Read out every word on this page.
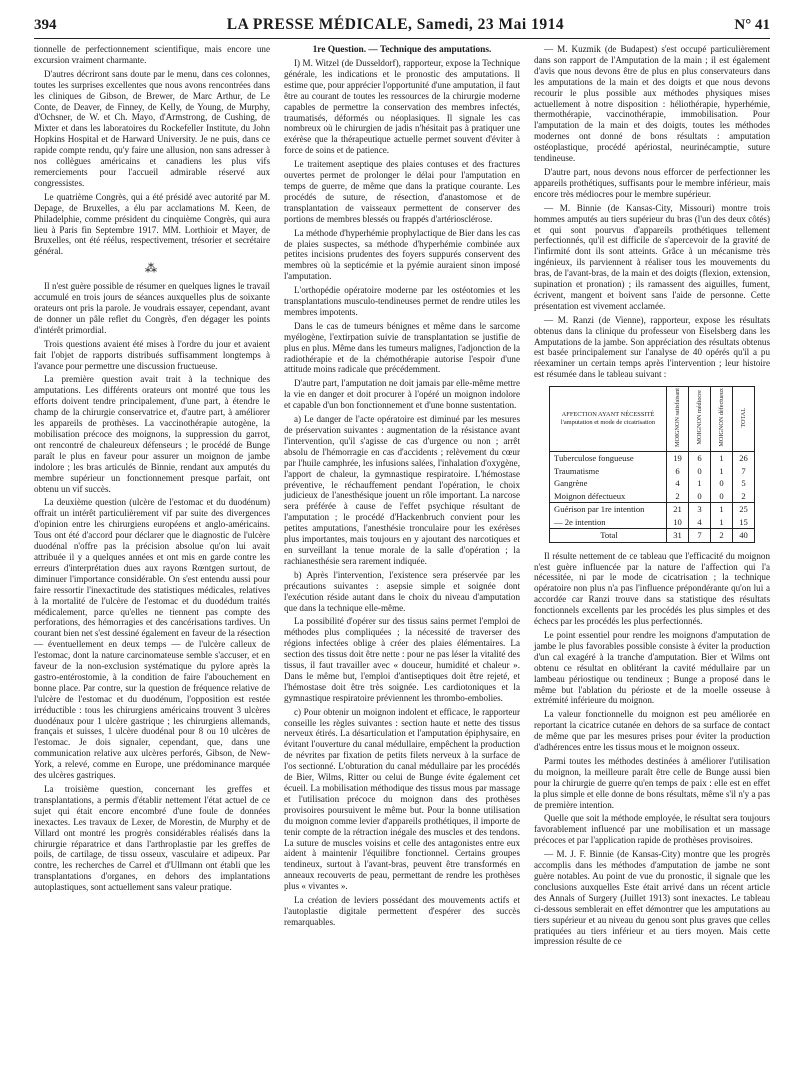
394	LA PRESSE MÉDICALE, Samedi, 23 Mai 1914	N° 41

tionnelle de perfectionnement scientifique, mais encore une excursion vraiment charmante.

D'autres décriront sans doute par le menu, dans ces colonnes, toutes les surprises excellentes que nous avons rencontrées dans les cliniques de Gibson, de Brewer, de Marc Arthur, de Le Conte, de Deaver, de Finney, de Kelly, de Young, de Murphy, d'Ochsner, de W. et Ch. Mayo, d'Armstrong, de Cushing, de Mixter et dans les laboratoires du Rockefeller Institute, du John Hopkins Hospital et de Harward University. Je ne puis, dans ce rapide compte rendu, qu'y faire une allusion, non sans adresser à nos collègues américains et canadiens les plus vifs remerciements pour l'accueil admirable réservé aux congressistes.

Le quatrième Congrès, qui a été présidé avec autorité par M. Depage, de Bruxelles, a élu par acclamations M. Keen, de Philadelphie, comme président du cinquième Congrès, qui aura lieu à Paris fin Septembre 1917. MM. Lorthioir et Mayer, de Bruxelles, ont été réélus, respectivement, trésorier et secrétaire général.

⁂

Il n'est guère possible de résumer en quelques lignes le travail accumulé en trois jours de séances auxquelles plus de soixante orateurs ont pris la parole. Je voudrais essayer, cependant, avant de donner un pâle reflet du Congrès, d'en dégager les points d'intérêt primordial.

Trois questions avaient été mises à l'ordre du jour et avaient fait l'objet de rapports distribués suffisamment longtemps à l'avance pour permettre une discussion fructueuse.

La première question avait trait à la technique des amputations. Les différents orateurs ont montré que tous les efforts doivent tendre principalement, d'une part, à étendre le champ de la chirurgie conservatrice et, d'autre part, à améliorer les appareils de prothèses. La vaccinothérapie autogène, la mobilisation précoce des moignons, la suppression du garrot, ont rencontré de chaleureux défenseurs ; le procédé de Bunge paraît le plus en faveur pour assurer un moignon de jambe indolore ; les bras articulés de Binnie, rendant aux amputés du membre supérieur un fonctionnement presque parfait, ont obtenu un vif succès.

La deuxième question (ulcère de l'estomac et du duodénum) offrait un intérêt particulièrement vif par suite des divergences d'opinion entre les chirurgiens européens et anglo-américains. Tous ont été d'accord pour déclarer que le diagnostic de l'ulcère duodénal n'offre pas la précision absolue qu'on lui avait attribuée il y a quelques années et ont mis en garde contre les erreurs d'interprétation dues aux rayons Rœntgen surtout, de diminuer l'importance considérable. On s'est entendu aussi pour faire ressortir l'inexactitude des statistiques médicales, relatives à la mortalité de l'ulcère de l'estomac et du duodédum traités médicalement, parce qu'elles ne tiennent pas compte des perforations, des hémorragies et des cancérisations tardives. Un courant bien net s'est dessiné également en faveur de la résection — éventuellement en deux temps — de l'ulcère calleux de l'estomac, dont la nature carcinomateuse semble s'accuser, et en faveur de la non-exclusion systématique du pylore après la gastro-entérostomie, à la condition de faire l'abouchement en bonne place. Par contre, sur la question de fréquence relative de l'ulcère de l'estomac et du duodénum, l'opposition est restée irréductible : tous les chirurgiens américains trouvent 3 ulcères duodénaux pour 1 ulcère gastrique ; les chirurgiens allemands, français et suisses, 1 ulcère duodénal pour 8 ou 10 ulcères de l'estomac. Je dois signaler, cependant, que, dans une communication relative aux ulcères perforés, Gibson, de New-York, a relevé, comme en Europe, une prédominance marquée des ulcères gastriques.

La troisième question, concernant les greffes et transplantations, a permis d'établir nettement l'état actuel de ce sujet qui était encore encombré d'une foule de données inexactes. Les travaux de Lexer, de Morestin, de Murphy et de Villard ont montré les progrès considérables réalisés dans la chirurgie réparatrice et dans l'arthroplastie par les greffes de poils, de cartilage, de tissu osseux, vasculaire et adipeux. Par contre, les recherches de Carrel et d'Ullmann ont établi que les transplantations d'organes, en dehors des implantations autoplastiques, sont actuellement sans valeur pratique.

1re Question. — Technique des amputations.

I) M. Witzel (de Dusseldorf), rapporteur, expose la Technique générale, les indications et le pronostic des amputations. Il estime que, pour apprécier l'opportunité d'une amputation, il faut être au courant de toutes les ressources de la chirurgie moderne capables de permettre la conservation des membres infectés, traumatisés, déformés ou néoplasiques. Il signale les cas nombreux où le chirurgien de jadis n'hésitait pas à pratiquer une exérèse que la thérapeutique actuelle permet souvent d'éviter à force de soins et de patience.

Le traitement aseptique des plaies contuses et des fractures ouvertes permet de prolonger le délai pour l'amputation en temps de guerre, de même que dans la pratique courante. Les procédés de suture, de résection, d'anastomose et de transplantation de vaisseaux permettent de conserver des portions de membres blessés ou frappés d'artériosclérose.

La méthode d'hyperhémie prophylactique de Bier dans les cas de plaies suspectes, sa méthode d'hyperhémie combinée aux petites incisions prudentes des foyers suppurés conservent des membres où la septicémie et la pyémie auraient sinon imposé l'amputation.

L'orthopédie opératoire moderne par les ostéotomies et les transplantations musculo-tendineuses permet de rendre utiles les membres impotents.

Dans le cas de tumeurs bénignes et même dans le sarcome myélogène, l'extirpation suivie de transplantation se justifie de plus en plus. Même dans les tumeurs malignes, l'adjonction de la radiothérapie et de la chémothérapie autorise l'espoir d'une attitude moins radicale que précédemment.

D'autre part, l'amputation ne doit jamais par elle-même mettre la vie en danger et doit procurer à l'opéré un moignon indolore et capable d'un bon fonctionnement et d'une bonne sustentation.

a) Le danger de l'acte opératoire est diminué par les mesures de préservation suivantes : augmentation de la résistance avant l'intervention, qu'il s'agisse de cas d'urgence ou non ; arrêt absolu de l'hémorragie en cas d'accidents ; relèvement du cœur par l'huile camphrée, les infusions salées, l'inhalation d'oxygène, l'apport de chaleur, la gymnastique respiratoire. L'hémostase préventive, le réchauffement pendant l'opération, le choix judicieux de l'anesthésique jouent un rôle important. La narcose sera préférée à cause de l'effet psychique résultant de l'amputation ; le procédé d'Hackenbruch convient pour les petites amputations, l'anesthésie tronculaire pour les exérèses plus importantes, mais toujours en y ajoutant des narcotiques et en surveillant la tenue morale de la salle d'opération ; la rachianesthésie sera rarement indiquée.

b) Après l'intervention, l'existence sera préservée par les précautions suivantes : asepsie simple et soignée dont l'exécution réside autant dans le choix du niveau d'amputation que dans la technique elle-même.

La possibilité d'opérer sur des tissus sains permet l'emploi de méthodes plus compliquées ; la nécessité de traverser des régions infectées oblige à créer des plaies élémentaires. La section des tissus doit être nette : pour ne pas léser la vitalité des tissus, il faut travailler avec « douceur, humidité et chaleur ». Dans le même but, l'emploi d'antiseptiques doit être rejeté, et l'hémostase doit être très soignée. Les cardiotoniques et la gymnastique respiratoire préviennent les thrombo-embolies.

c) Pour obtenir un moignon indolent et efficace, le rapporteur conseille les règles suivantes : section haute et nette des tissus nerveux étirés. La désarticulation et l'amputation épiphysaire, en évitant l'ouverture du canal médullaire, empêchent la production de névrites par fixation de petits filets nerveux à la surface de l'os sectionné. L'obturation du canal médullaire par les procédés de Bier, Wilms, Ritter ou celui de Bunge évite également cet écueil. La mobilisation méthodique des tissus mous par massage et l'utilisation précoce du moignon dans des prothèses provisoires poursuivent le même but. Pour la bonne utilisation du moignon comme levier d'appareils prothétiques, il importe de tenir compte de la rétraction inégale des muscles et des tendons. La suture de muscles voisins et celle des antagonistes entre eux aident à maintenir l'équilibre fonctionnel. Certains groupes tendineux, surtout à l'avant-bras, peuvent être transformés en anneaux recouverts de peau, permettant de rendre les prothèses plus « vivantes ».

La création de leviers possédant des mouvements actifs et l'autoplastie digitale permettent d'espérer des succès remarquables.

— M. Kuzmik (de Budapest) s'est occupé particulièrement dans son rapport de l'Amputation de la main ; il est également d'avis que nous devons être de plus en plus conservateurs dans les amputations de la main et des doigts et que nous devons recourir le plus possible aux méthodes physiques mises actuellement à notre disposition : héliothérapie, hyperhémie, thermothérapie, vaccinothérapie, immobilisation. Pour l'amputation de la main et des doigts, toutes les méthodes modernes ont donné de bons résultats : amputation ostéoplastique, procédé apériostal, neurinécamptie, suture tendineuse.

D'autre part, nous devons nous efforcer de perfectionner les appareils prothétiques, suffisants pour le membre inférieur, mais encore très médiocres pour le membre supérieur.

— M. Binnie (de Kansas-City, Missouri) montre trois hommes amputés au tiers supérieur du bras (l'un des deux côtés) et qui sont pourvus d'appareils prothétiques tellement perfectionnés, qu'il est difficile de s'apercevoir de la gravité de l'infirmité dont ils sont atteints. Grâce à un mécanisme très ingénieux, ils parviennent à réaliser tous les mouvements du bras, de l'avant-bras, de la main et des doigts (flexion, extension, supination et pronation) ; ils ramassent des aiguilles, fument, écrivent, mangent et boivent sans l'aide de personne. Cette présentation est vivement acclamée.

— M. Ranzi (de Vienne), rapporteur, expose les résultats obtenus dans la clinique du professeur von Eiselsberg dans les Amputations de la jambe. Son appréciation des résultats obtenus est basée principalement sur l'analyse de 40 opérés qu'il a pu réexaminer un certain temps après l'intervention ; leur histoire est résumée dans le tableau suivant :

AFFECTION AYANT NÉCESSITÉ l'amputation et mode de cicatrisation	MOIGNON satisfaisant	MOIGNON médiocre	MOIGNON défectueux	TOTAL
Tuberculose fongueuse	19	6	1	26
Traumatisme	6	0	1	7
Gangrène	4	1	0	5
Moignon défectueux	2	0	0	2
Guérison par 1re intention	21	3	1	25
— 2e intention	10	4	1	15
Total	31	7	2	40

Il résulte nettement de ce tableau que l'efficacité du moignon n'est guère influencée par la nature de l'affection qui l'a nécessitée, ni par le mode de cicatrisation ; la technique opératoire non plus n'a pas l'influence prépondérante qu'on lui a accordée car Ranzi trouve dans sa statistique des résultats fonctionnels excellents par les procédés les plus simples et des échecs par les procédés les plus perfectionnés.

Le point essentiel pour rendre les moignons d'amputation de jambe le plus favorables possible consiste à éviter la production d'un cal exagéré à la tranche d'amputation. Bier et Wilms ont obtenu ce résultat en oblitérant la cavité médullaire par un lambeau périostique ou tendineux ; Bunge a proposé dans le même but l'ablation du périoste et de la moelle osseuse à extrémité inférieure du moignon.

La valeur fonctionnelle du moignon est peu améliorée en reportant la cicatrice cutanée en dehors de sa surface de contact de même que par les mesures prises pour éviter la production d'adhérences entre les tissus mous et le moignon osseux.

Parmi toutes les méthodes destinées à améliorer l'utilisation du moignon, la meilleure paraît être celle de Bunge aussi bien pour la chirurgie de guerre qu'en temps de paix : elle est en effet la plus simple et elle donne de bons résultats, même s'il n'y a pas de première intention.

Quelle que soit la méthode employée, le résultat sera toujours favorablement influencé par une mobilisation et un massage précoces et par l'application rapide de prothèses provisoires.

— M. J. F. Binnie (de Kansas-City) montre que les progrès accomplis dans les méthodes d'amputation de jambe ne sont guère notables. Au point de vue du pronostic, il signale que les conclusions auxquelles Este était arrivé dans un récent article des Annals of Surgery (Juillet 1913) sont inexactes. Le tableau ci-dessous semblerait en effet démontrer que les amputations au tiers supérieur et au niveau du genou sont plus graves que celles pratiquées au tiers inférieur et au tiers moyen. Mais cette impression résulte de ce
